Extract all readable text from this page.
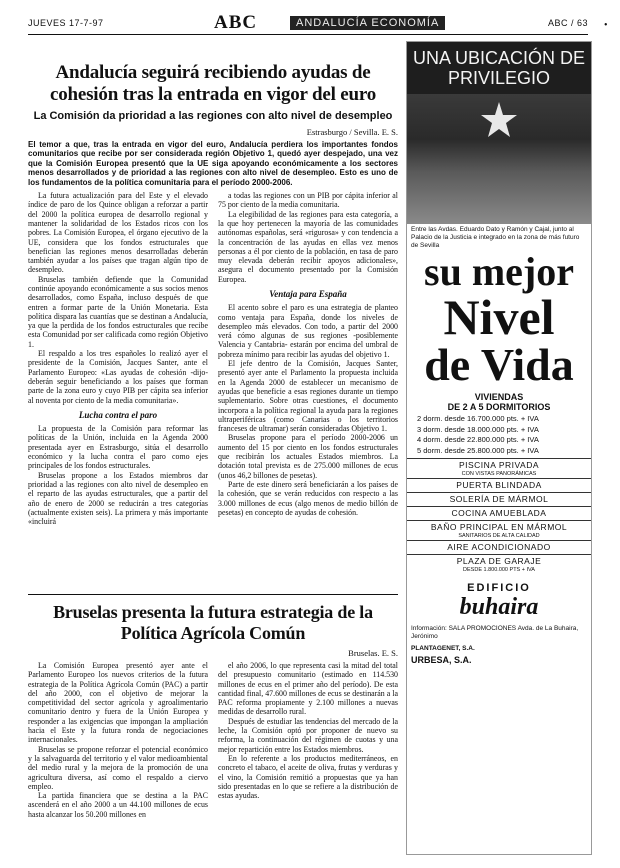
JUEVES 17-7-97	ABC	ANDALUCÍA ECONOMÍA	ABC / 63 •
Andalucía seguirá recibiendo ayudas de cohesión tras la entrada en vigor del euro
La Comisión da prioridad a las regiones con alto nivel de desempleo
Estrasburgo / Sevilla. E. S.

El temor a que, tras la entrada en vigor del euro, Andalucía perdiera los importantes fondos comunitarios que recibe por ser considerada región Objetivo 1, quedó ayer despejado, una vez que la Comisión Europea presentó que la UE siga apoyando económicamente a los sectores menos desarrollados y de prioridad a las regiones con alto nivel de desempleo. Esto es uno de los fundamentos de la política comunitaria para el período 2000-2006.

La futura actualización para del Este y el elevado índice de paro de los Quince obligan a reforzar a partir del 2000 la política europea de desarrollo regional y mantener la solidaridad de los Estados ricos con los pobres. La Comisión Europea, el órgano ejecutivo de la UE, considera que los fondos estructurales que benefician las regiones menos desarrolladas deberán también ayudar a los países que tragan algún tipo de desempleo.

Bruselas también defiende que la Comunidad continúe apoyando económicamente a sus socios menos desarrollados, como España, incluso después de que entren a formar parte de la Unión Monetaria. Esta política dispara las cuantías que se destinan a Andalucía, ya que la perdida de los fondos estructurales que recibe esta Comunidad por ser calificada como región Objetivo 1.

El respaldo a los tres españoles lo realizó ayer el presidente de la Comisión, Jacques Santer, ante el Parlamento Europeo: «Las ayudas de cohesión -dijo- deberán seguir beneficiando a los países que forman parte de la zona euro y cuyo PIB per cápita sea inferior al noventa por ciento de la media comunitaria».

Lucha contra el paro

La propuesta de la Comisión para reformar las políticas de la Unión, incluida en la Agenda 2000 presentada ayer en Estrasburgo, sitúa el desarrollo económico y la lucha contra el paro como ejes principales de los fondos estructurales.

Bruselas propone a los Estados miembros dar prioridad a las regiones con alto nivel de desempleo en el reparto de las ayudas estructurales, que a partir del año de enero de 2000 se reducirán a tres categorías (actualmente existen seis). La primera y más importante «incluirá

a todas las regiones con un PIB por cápita inferior al 75 por ciento de la media comunitaria.

La elegibilidad de las regiones para esta categoría, a la que hoy pertenecen la mayoría de las comunidades autónomas españolas, será «rigurosa» y con tendencia a la concentración de las ayudas en ellas vez menos personas a él por ciento de la población, en tasa de paro muy elevada deberán recibir apoyos adicionales», asegura el documento presentado por la Comisión Europea.

Ventaja para España

El acento sobre el paro es una estrategia de planteo como ventaja para España, donde los niveles de desempleo más elevados. Con todo, a partir del 2000 verá cómo algunas de sus regiones -posiblemente Valencia y Cantabria- estarán por encima del umbral de pobreza mínimo para recibir las ayudas del objetivo 1.

El jefe dentro de la Comisión, Jacques Santer, presentó ayer ante el Parlamento la propuesta incluida en la Agenda 2000 de establecer un mecanismo de ayudas que beneficie a esas regiones durante un tiempo suplementario. Sobre otras cuestiones, el documento incorpora a la política regional la ayuda para la regiones ultraperiféricas (como Canarias o los territorios franceses de ultramar) serán consideradas Objetivo 1.

Bruselas propone para el período 2000-2006 un aumento del 15 por ciento en los fondos estructurales que recibirán los actuales Estados miembros. La dotación total prevista es de 275.000 millones de ecus (unos 46,2 billones de pesetas).

Parte de este dinero será beneficiarán a los países de la cohesión, que se verán reducidos con respecto a las 3.000 millones de ecus (algo menos de medio billón de pesetas) en concepto de ayudas de cohesión.

Bruselas presenta la futura estrategia de la Política Agrícola Común
Bruselas. E. S.

La Comisión Europea presentó ayer ante el Parlamento Europeo los nuevos criterios de la futura estrategia de la Política Agrícola Común (PAC) a partir del año 2000, con el objetivo de mejorar la competitividad del sector agrícola y agroalimentario comunitario dentro y fuera de la Unión Europea y responder a las exigencias que impongan la ampliación hacia el Este y la futura ronda de negociaciones internacionales.

Bruselas se propone reforzar el potencial económico y la salvaguarda del territorio y el valor medioambiental del medio rural y la mejora de la promoción de una agricultura diversa, así como el respaldo a ciervo empleo.

La partida financiera que se destina a la PAC ascenderá en el año 2000 a un 44.100 millones de ecus hasta alcanzar los 50.200 millones en

el año 2006, lo que representa casi la mitad del total del presupuesto comunitario (estimado en 114.530 millones de ecus en el primer año del período). De esta cantidad final, 47.600 millones de ecus se destinarán a la PAC reforma propiamente y 2.100 millones a nuevas medidas de desarrollo rural.

Después de estudiar las tendencias del mercado de la leche, la Comisión optó por proponer de nuevo su reforma, la continuación del régimen de cuotas y una mejor repartición entre los Estados miembros.

En lo referente a los productos mediterráneos, en concreto el tabaco, el aceite de oliva, frutas y verduras y el vino, la Comisión remitió a propuestas que ya han sido presentadas en lo que se refiere a la distribución de estas ayudas.

UNA UBICACIÓN DE PRIVILEGIO
Entre las Avdas. Eduardo Dato y Ramón y Cajal, junto al Palacio de la Justicia e integrado en la zona de más futuro de Sevilla
su mejor
Nivel
de Vida
VIVIENDAS
DE 2 A 5 DORMITORIOS
2 dorm. desde 16.700.000 pts. + IVA
3 dorm. desde 18.000.000 pts. + IVA
4 dorm. desde 22.800.000 pts. + IVA
5 dorm. desde 25.800.000 pts. + IVA
PISCINA PRIVADA
CON VISTAS PANORÁMICAS
PUERTA BLINDADA
SOLERÍA DE MÁRMOL
COCINA AMUEBLADA
BAÑO PRINCIPAL EN MÁRMOL
SANITARIOS DE ALTA CALIDAD
AIRE ACONDICIONADO
PLAZA DE GARAJE
DESDE 1.800.000 PTS + IVA
EDIFICIO
buhaira
Información: SALA PROMOCIONES Avda. de La Buhaira, Jerónimo
PLANTAGENET, S.A.
URBESA, S.A.
